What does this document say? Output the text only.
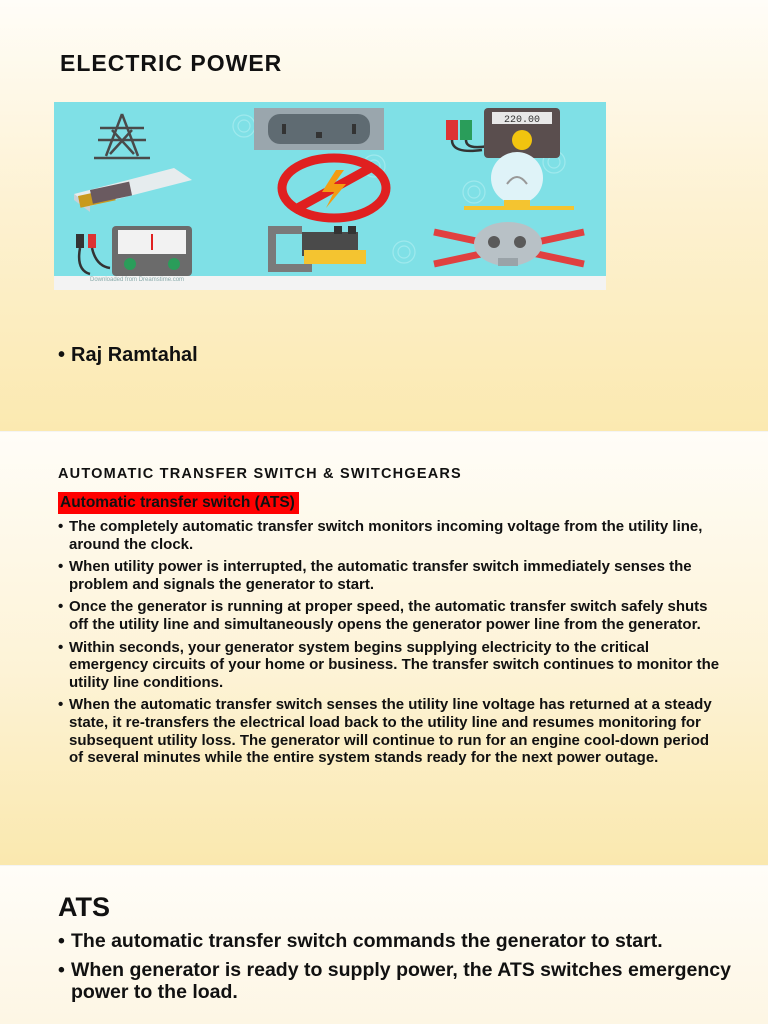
ELECTRIC POWER
220.00
Downloaded from Dreamstime.com
• Raj Ramtahal
AUTOMATIC TRANSFER SWITCH & SWITCHGEARS
Automatic transfer switch (ATS)
• The completely automatic transfer switch monitors incoming voltage from the utility line, around the clock.
• When utility power is interrupted, the automatic transfer switch immediately senses the problem and signals the generator to start.
• Once the generator is running at proper speed, the automatic transfer switch safely shuts off the utility line and simultaneously opens the generator power line from the generator.
• Within seconds, your generator system begins supplying electricity to the critical emergency circuits of your home or business. The transfer switch continues to monitor the utility line conditions.
• When the automatic transfer switch senses the utility line voltage has returned at a steady state, it re-transfers the electrical load back to the utility line and resumes monitoring for subsequent utility loss. The generator will continue to run for an engine cool-down period of several minutes while the entire system stands ready for the next power outage.
ATS
• The automatic transfer switch commands the generator to start.
• When generator is ready to supply power, the ATS switches emergency power to the load.
